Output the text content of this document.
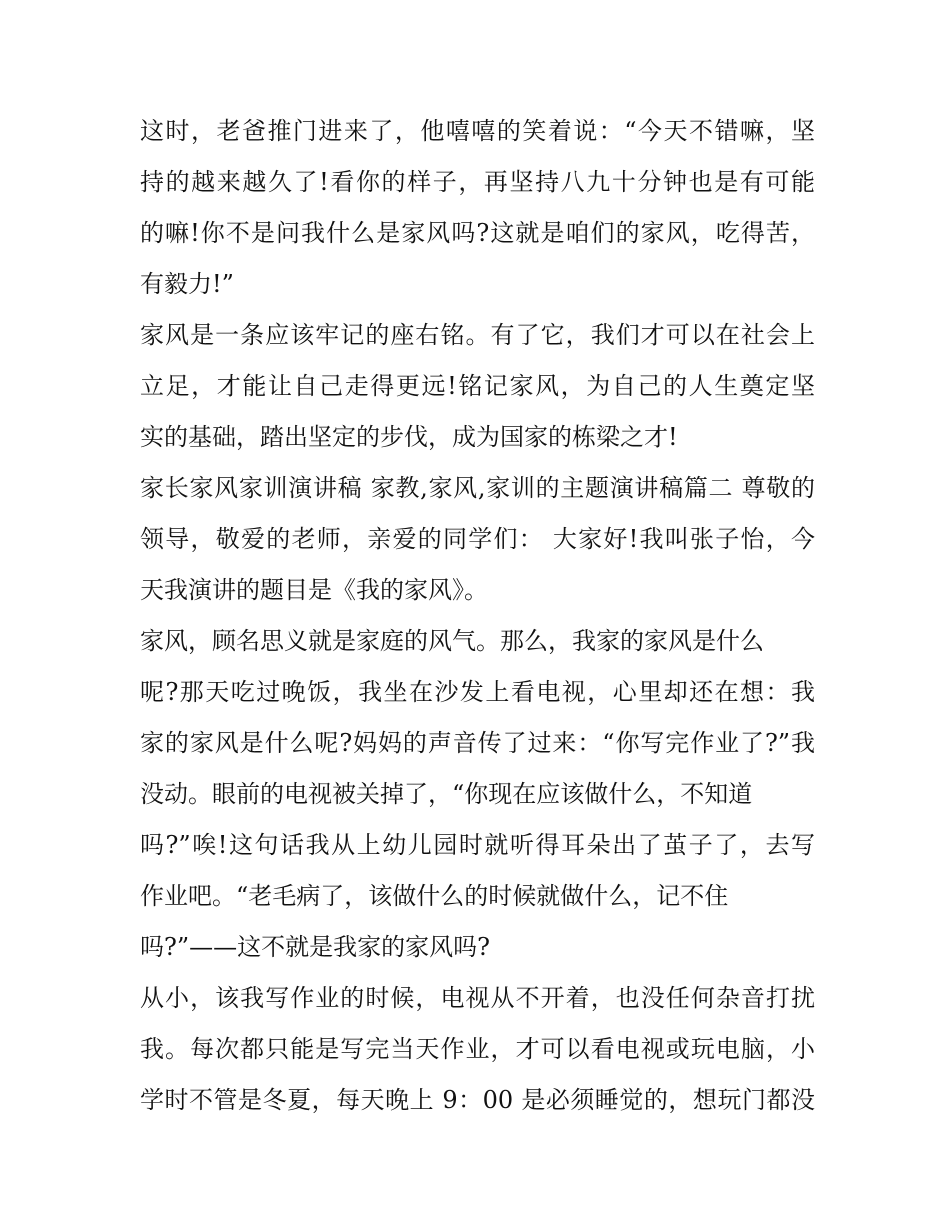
这时，老爸推门进来了，他嘻嘻的笑着说：“今天不错嘛，坚
持的越来越久了!看你的样子，再坚持八九十分钟也是有可能
的嘛!你不是问我什么是家风吗?这就是咱们的家风，吃得苦，
有毅力!”
家风是一条应该牢记的座右铭。有了它，我们才可以在社会上
立足，才能让自己走得更远!铭记家风，为自己的人生奠定坚
实的基础，踏出坚定的步伐，成为国家的栋梁之才!
家长家风家训演讲稿 家教,家风,家训的主题演讲稿篇二 尊敬的
领导，敬爱的老师，亲爱的同学们： 大家好!我叫张子怡，今
天我演讲的题目是《我的家风》。
家风，顾名思义就是家庭的风气。那么，我家的家风是什么
呢?那天吃过晚饭，我坐在沙发上看电视，心里却还在想：我
家的家风是什么呢?妈妈的声音传了过来：“你写完作业了?”我
没动。眼前的电视被关掉了，“你现在应该做什么，不知道
吗?”唉!这句话我从上幼儿园时就听得耳朵出了茧子了，去写
作业吧。“老毛病了，该做什么的时候就做什么，记不住
吗?”——这不就是我家的家风吗?
从小，该我写作业的时候，电视从不开着，也没任何杂音打扰
我。每次都只能是写完当天作业，才可以看电视或玩电脑，小
学时不管是冬夏，每天晚上 9：00 是必须睡觉的，想玩门都没
